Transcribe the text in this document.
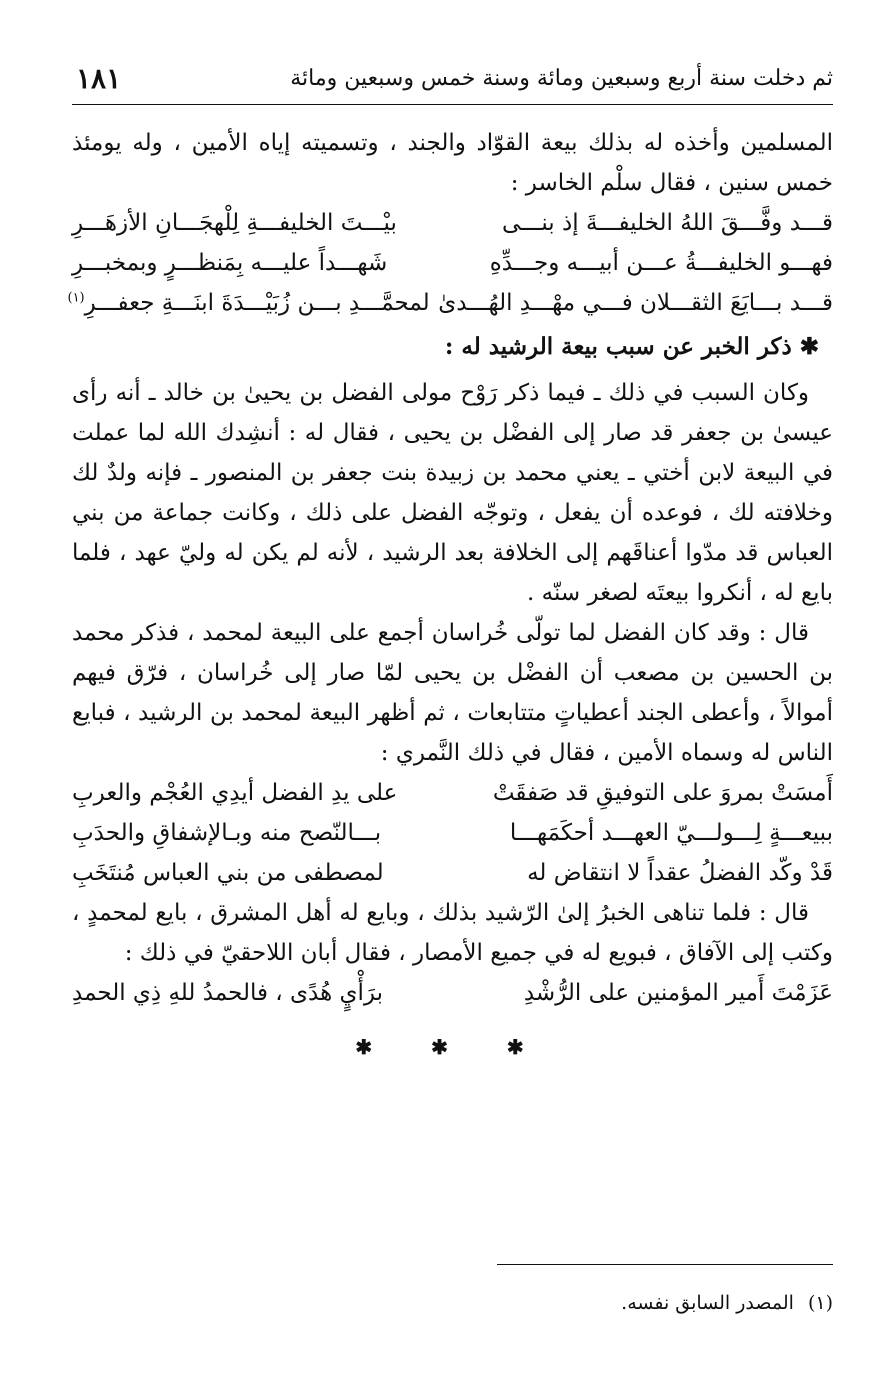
ثم دخلت سنة أربع وسبعين ومائة وسنة خمس وسبعين ومائة
١٨١

المسلمين وأخذه له بذلك بيعة القوّاد والجند ، وتسميته إياه الأمين ، وله يومئذ خمس سنين ، فقال سلْم الخاسر :

قـــد وفَّـــقَ اللهُ الخليفـــةَ إذ بنـــى
بيْـــتَ الخليفـــةِ لِلْهجَـــانِ الأزهَـــرِ
فهـــو الخليفـــةُ عـــن أبيـــه وجـــدِّهِ
شَهـــداً عليـــه بِمَنظـــرٍ وبمخبـــرِ
قـــد بـــايَعَ الثقـــلان فـــي مهْـــدِ الهُـــدىٰ
لمحمَّـــدِ بـــن زُبَيْـــدَةَ ابنَـــةِ جعفـــرِ$^{(١)}$

✱ ذكر الخبر عن سبب بيعة الرشيد له :

وكان السبب في ذلك ـ فيما ذكر رَوْح مولى الفضل بن يحيىٰ بن خالد ـ أنه رأى عيسىٰ بن جعفر قد صار إلى الفضْل بن يحيى ، فقال له : أنشِدك الله لما عملت في البيعة لابن أختي ـ يعني محمد بن زبيدة بنت جعفر بن المنصور ـ فإنه ولدٌ لك وخلافته لك ، فوعده أن يفعل ، وتوجّه الفضل على ذلك ، وكانت جماعة من بني العباس قد مدّوا أعناقَهم إلى الخلافة بعد الرشيد ، لأنه لم يكن له وليّ عهد ، فلما بايع له ، أنكروا بيعتَه لصغر سنّه .

قال : وقد كان الفضل لما تولّى خُراسان أجمع على البيعة لمحمد ، فذكر محمد بن الحسين بن مصعب أن الفضْل بن يحيى لمّا صار إلى خُراسان ، فرّق فيهم أموالاً ، وأعطى الجند أعطياتٍ متتابعات ، ثم أظهر البيعة لمحمد بن الرشيد ، فبايع الناس له وسماه الأمين ، فقال في ذلك النَّمري :

أَمسَتْ بمروَ على التوفيقِ قد صَفقَتْ
على يدِ الفضل أيدِي العُجْم والعربِ
ببيعـــةٍ لِـــولـــيّ العهـــد أحكَمَهـــا
بـــالنّصح منه وبـالإشفاقِ والحدَبِ
قَدْ وكّد الفضلُ عقداً لا انتقاض له
لمصطفى من بني العباس مُنتَخَبِ

قال : فلما تناهى الخبرُ إلىٰ الرّشيد بذلك ، وبايع له أهل المشرق ، بايع لمحمدٍ ، وكتب إلى الآفاق ، فبويع له في جميع الأمصار ، فقال أبان اللاحقيّ في ذلك :

عَزَمْتَ أَمير المؤمنين على الرُّشْدِ
برَأْيٍ هُدًى ، فالحمدُ للهِ ذِي الحمدِ
✱ ✱ ✱
(١)المصدر السابق نفسه.
